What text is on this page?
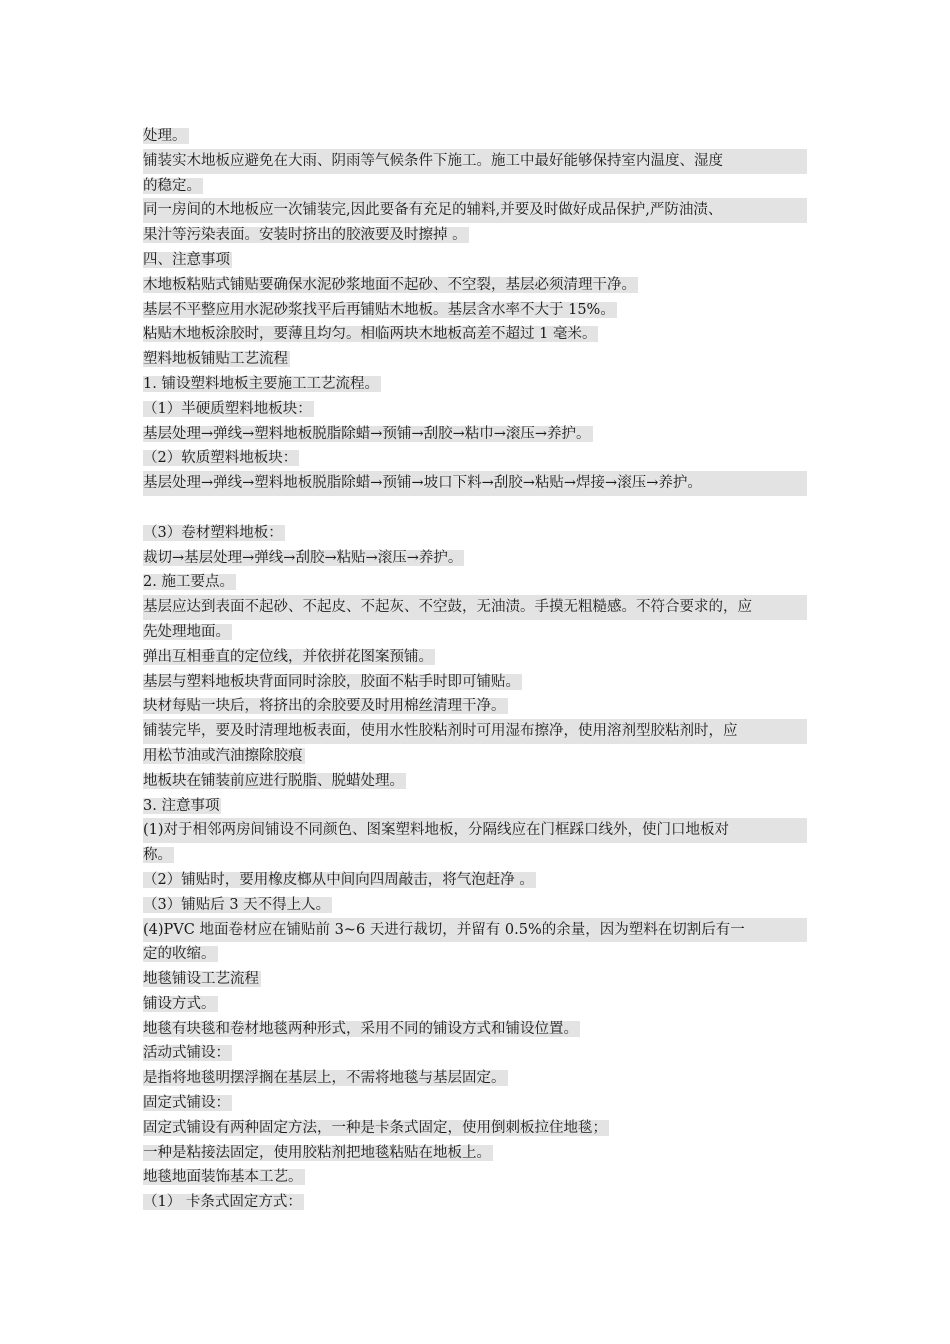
处理。
铺装实木地板应避免在大雨、阴雨等气候条件下施工。施工中最好能够保持室内温度、湿度
的稳定。
同一房间的木地板应一次铺装完,因此要备有充足的辅料,并要及时做好成品保护,严防油渍、
果汁等污染表面。安装时挤出的胶液要及时擦掉 。
四、注意事项
木地板粘贴式铺贴要确保水泥砂浆地面不起砂、不空裂，基层必须清理干净。
基层不平整应用水泥砂浆找平后再铺贴木地板。基层含水率不大于 15%。
粘贴木地板涂胶时，要薄且均匀。相临两块木地板高差不超过 1 毫米。
塑料地板铺贴工艺流程
1. 铺设塑料地板主要施工工艺流程。
（1）半硬质塑料地板块：
基层处理→弹线→塑料地板脱脂除蜡→预铺→刮胶→粘巾→滚压→养护。
（2）软质塑料地板块：
基层处理→弹线→塑料地板脱脂除蜡→预铺→坡口下料→刮胶→粘贴→焊接→滚压→养护。
（3）卷材塑料地板：
裁切→基层处理→弹线→刮胶→粘贴→滚压→养护。
2. 施工要点。
基层应达到表面不起砂、不起皮、不起灰、不空鼓，无油渍。手摸无粗糙感。不符合要求的，应
先处理地面。
弹出互相垂直的定位线，并依拼花图案预铺。
基层与塑料地板块背面同时涂胶，胶面不粘手时即可铺贴。
块材每贴一块后，将挤出的余胶要及时用棉丝清理干净。
铺装完毕，要及时清理地板表面，使用水性胶粘剂时可用湿布擦净，使用溶剂型胶粘剂时，应
用松节油或汽油擦除胶痕
地板块在铺装前应进行脱脂、脱蜡处理。
3. 注意事项
(1)对于相邻两房间铺设不同颜色、图案塑料地板，分隔线应在门框踩口线外，使门口地板对
称。
（2）铺贴时，要用橡皮榔从中间向四周敲击，将气泡赶净 。
（3）铺贴后 3 天不得上人。
(4)PVC 地面卷材应在铺贴前 3~6 天进行裁切，并留有 0.5%的余量，因为塑料在切割后有一
定的收缩。
地毯铺设工艺流程
铺设方式。
地毯有块毯和卷材地毯两种形式，采用不同的铺设方式和铺设位置。
活动式铺设：
是指将地毯明摆浮搁在基层上，不需将地毯与基层固定。
固定式铺设：
固定式铺设有两种固定方法，一种是卡条式固定，使用倒刺板拉住地毯；
一种是粘接法固定，使用胶粘剂把地毯粘贴在地板上。
地毯地面装饰基本工艺。
（1） 卡条式固定方式：
